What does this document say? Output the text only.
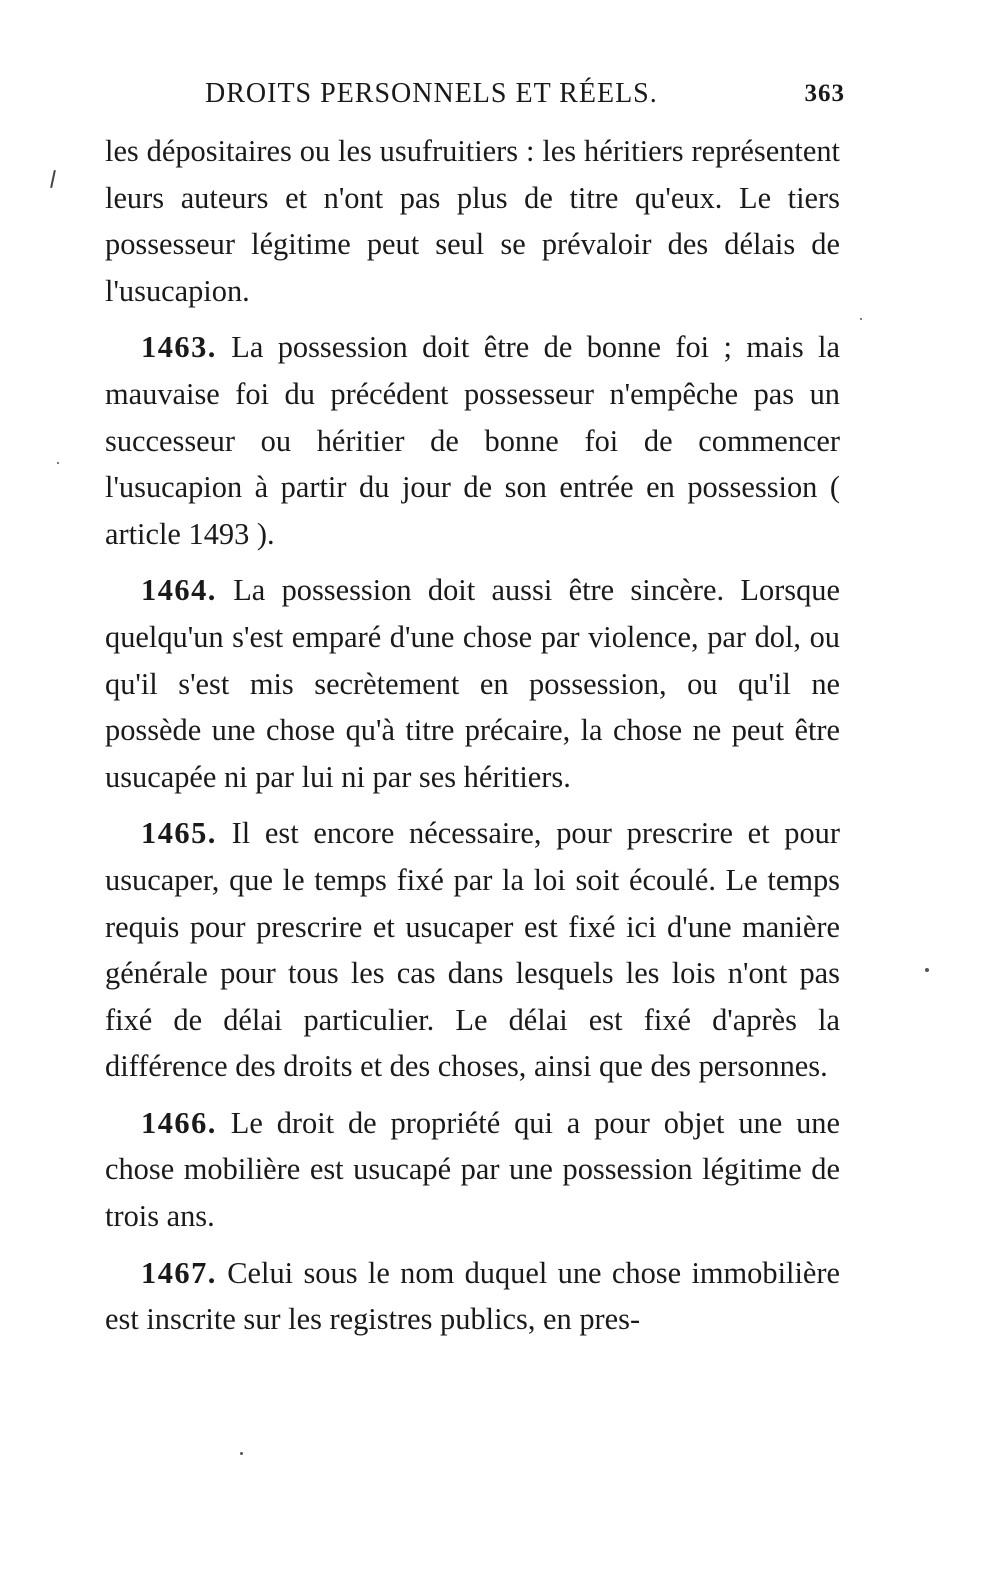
DROITS PERSONNELS ET RÉELS.	363

les dépositaires ou les usufruitiers : les héritiers représentent leurs auteurs et n'ont pas plus de titre qu'eux. Le tiers possesseur légitime peut seul se prévaloir des délais de l'usucapion.

1463. La possession doit être de bonne foi ; mais la mauvaise foi du précédent possesseur n'empêche pas un successeur ou héritier de bonne foi de commencer l'usucapion à partir du jour de son entrée en possession ( article 1493 ).

1464. La possession doit aussi être sincère. Lorsque quelqu'un s'est emparé d'une chose par violence, par dol, ou qu'il s'est mis secrètement en possession, ou qu'il ne possède une chose qu'à titre précaire, la chose ne peut être usucapée ni par lui ni par ses héritiers.

1465. Il est encore nécessaire, pour prescrire et pour usucaper, que le temps fixé par la loi soit écoulé. Le temps requis pour prescrire et usucaper est fixé ici d'une manière générale pour tous les cas dans lesquels les lois n'ont pas fixé de délai particulier. Le délai est fixé d'après la différence des droits et des choses, ainsi que des personnes.

1466. Le droit de propriété qui a pour objet une une chose mobilière est usucapé par une possession légitime de trois ans.

1467. Celui sous le nom duquel une chose immobilière est inscrite sur les registres publics, en pres-
